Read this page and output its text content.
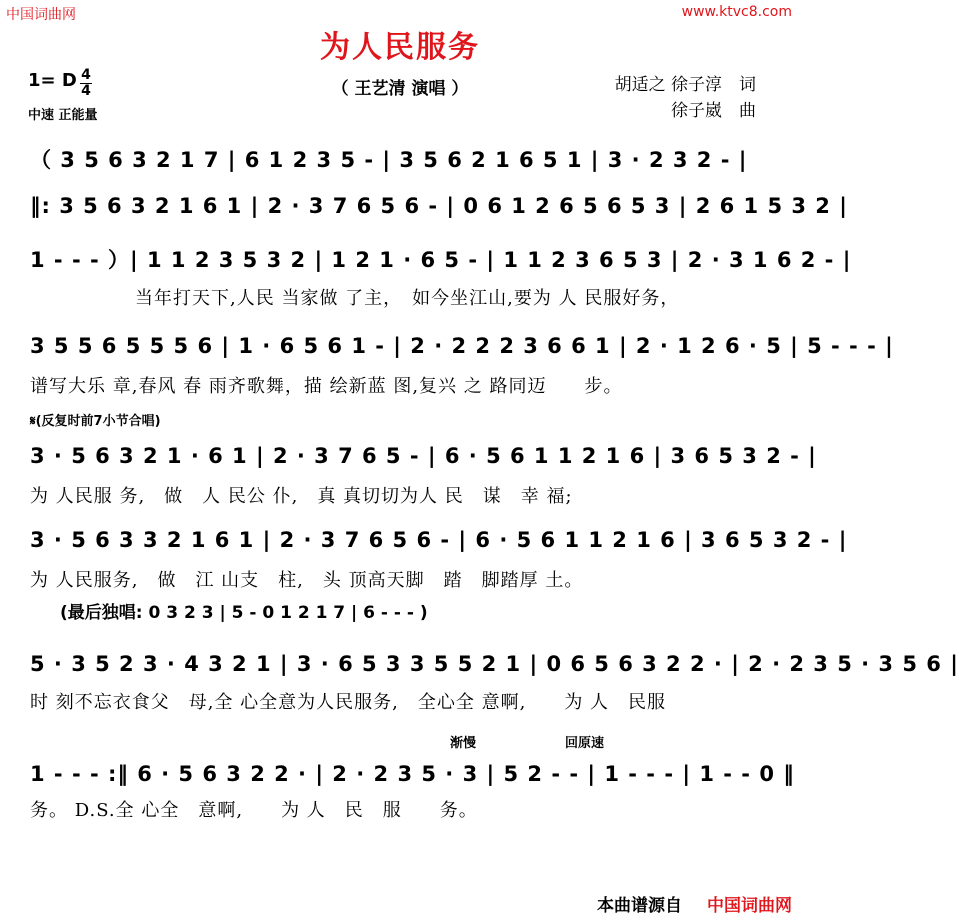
中国词曲网	www.ktvc8.com
为人民服务
（ 王艺清 演唱 ）
1= D 4
4
中速 正能量
胡适之 徐子淳　词
徐子崴　曲
（ 3 5 6 3 2 1 7 | 6 1 2 3 5 - | 3 5 6 2 1 6 5 1 | 3 · 2 3 2 - |
‖: 3 5 6 3 2 1 6 1 | 2 · 3 7 6 5 6 - | 0 6 1 2 6 5 6 5 3 | 2 6 1 5 3 2 |
1 - - - ）| 1 1 2 3 5 3 2 | 1 2 1 · 6 5 - | 1 1 2 3 6 5 3 | 2 · 3 1 6 2 - |
当年打天下,人民 当家做 了主，　如今坐江山,要为 人 民服好务，
3 5 5 6 5 5 5 6 | 1 · 6 5 6 1 - | 2 · 2 2 2 3 6 6 1 | 2 · 1 2 6 · 5 | 5 - - - |
谱写大乐 章,春风 春 雨齐歌舞，描 绘新蓝 图,复兴 之 路同迈　　步。
𝄋(反复时前7小节合唱)
3 · 5 6 3 2 1 · 6 1 | 2 · 3 7 6 5 - | 6 · 5 6 1 1 2 1 6 | 3 6 5 3 2 - |
为 人民服 务,　做　人 民公 仆,　真 真切切为人 民　谋　幸 福;
3 · 5 6 3 3 2 1 6 1 | 2 · 3 7 6 5 6 - | 6 · 5 6 1 1 2 1 6 | 3 6 5 3 2 - |
为 人民服务,　做　江 山支　柱,　头 顶高天脚　踏　脚踏厚 土。
(最后独唱: 0 3 2 3 | 5 - 0 1 2 1 7 | 6 - - - )
5 · 3 5 2 3 · 4 3 2 1 | 3 · 6 5 3 3 5 5 2 1 | 0 6 5 6 3 2 2 · | 2 · 2 3 5 · 3 5 6 |
时 刻不忘衣食父　母,全 心全意为人民服务,　全心全 意啊,　　为 人　民服
渐慢	回原速
1 - - - :‖ 6 · 5 6 3 2 2 · | 2 · 2 3 5 · 3 | 5 2 - - | 1 - - - | 1 - - 0 ‖
务。 D.S.全 心全　意啊,　　为 人　民　服　　务。
本曲谱源自 中国词曲网
